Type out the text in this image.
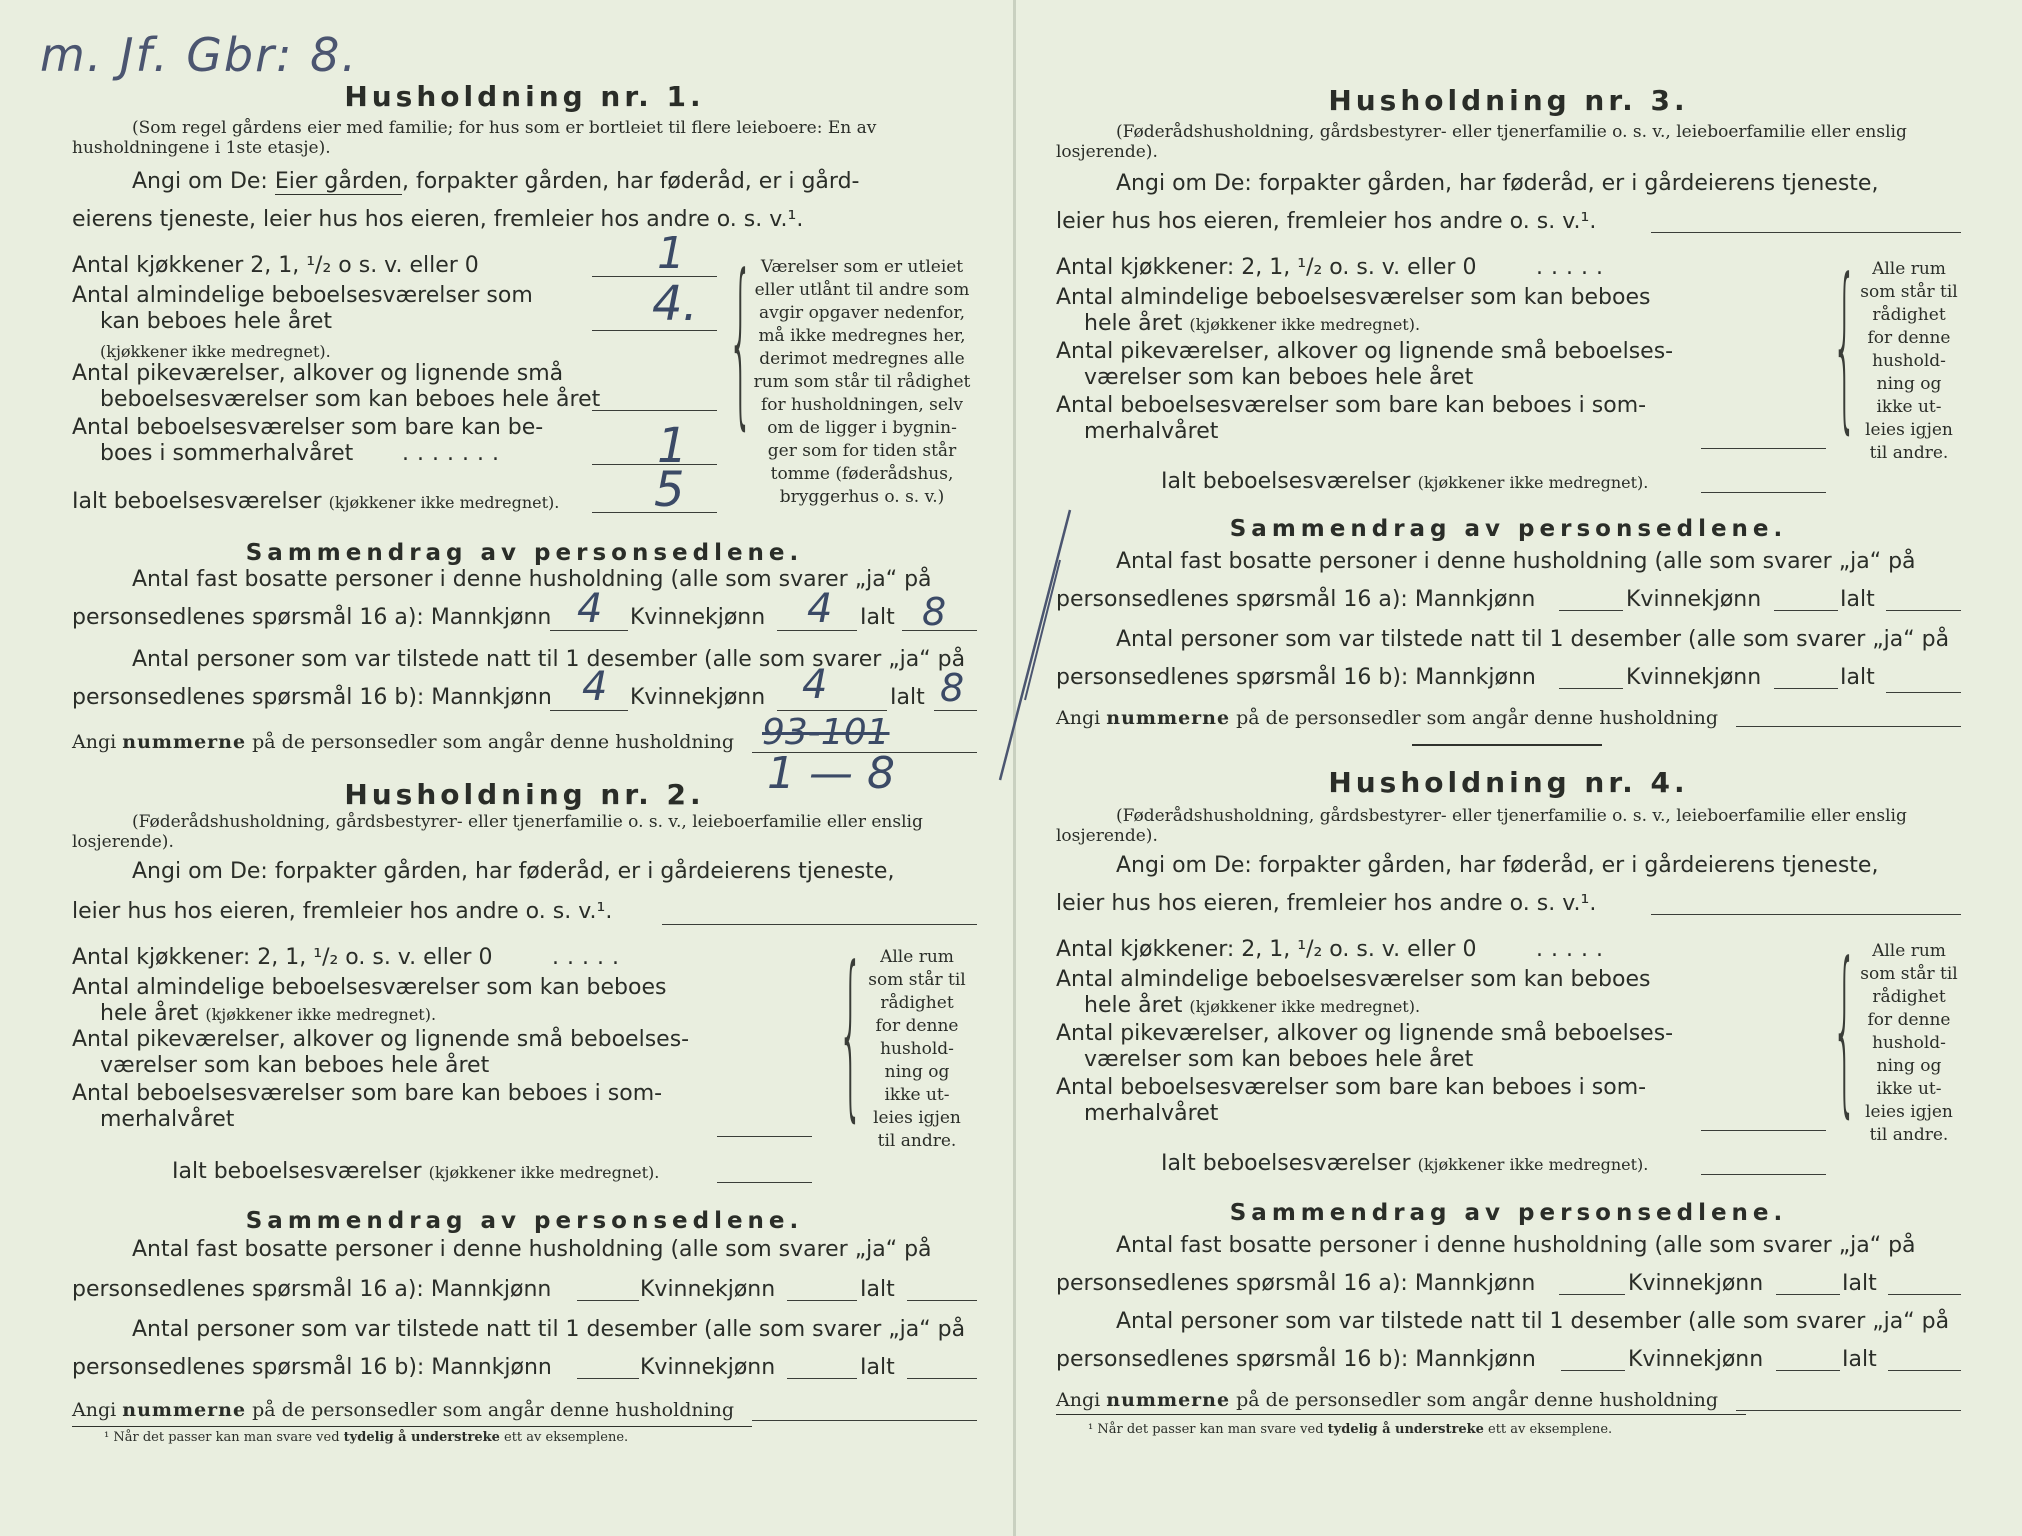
m. Jf. Gbr: 8.
Husholdning nr. 1.
(Som regel gårdens eier med familie; for hus som er bortleiet til flere leieboere: En av husholdningene i 1ste etasje).
Angi om De: Eier gården, forpakter gården, har føderåd, er i gård-
eierens tjeneste, leier hus hos eieren, fremleier hos andre o. s. v.¹.
Antal kjøkkener 2, 1, ¹/₂ o s. v. eller 0	1
Antal almindelige beboelsesværelser som
kan beboes hele året
(kjøkkener ikke medregnet).
4.
Antal pikeværelser, alkover og lignende små
beboelsesværelser som kan beboes hele året
Antal beboelsesværelser som bare kan be-
boes i sommerhalvåret .......	1
Ialt beboelsesværelser (kjøkkener ikke medregnet). 5
{ Værelser som er utleiet
eller utlånt til andre som
avgir opgaver nedenfor,
må ikke medregnes her,
derimot medregnes alle
rum som står til rådighet
for husholdningen, selv
om de ligger i bygnin-
ger som for tiden står
tomme (føderådshus,
bryggerhus o. s. v.)
Sammendrag av personsedlene.
Antal fast bosatte personer i denne husholdning (alle som svarer „ja“ på
personsedlenes spørsmål 16 a): Mannkjønn	Kvinnekjønn	Ialt
4	4 8
Antal personer som var tilstede natt til 1 desember (alle som svarer „ja“ på
personsedlenes spørsmål 16 b): Mannkjønn	Kvinnekjønn	Ialt
4	4	8
Angi nummerne på de personsedler som angår denne husholdning 93-101
1 — 8
Husholdning nr. 2.
(Føderådshusholdning, gårdsbestyrer- eller tjenerfamilie o. s. v., leieboerfamilie eller enslig losjerende).
Angi om De: forpakter gården, har føderåd, er i gårdeierens tjeneste,
leier hus hos eieren, fremleier hos andre o. s. v.¹.
Antal kjøkkener: 2, 1, ¹/₂ o. s. v. eller 0	.....
Antal almindelige beboelsesværelser som kan beboes
hele året (kjøkkener ikke medregnet).
Antal pikeværelser, alkover og lignende små beboelses-
værelser som kan beboes hele året
Antal beboelsesværelser som bare kan beboes i som-
merhalvåret
Ialt beboelsesværelser (kjøkkener ikke medregnet).
{ Alle rum
som står til
rådighet
for denne
hushold-
ning og
ikke ut-
leies igjen
til andre.
Sammendrag av personsedlene.
Antal fast bosatte personer i denne husholdning (alle som svarer „ja“ på
personsedlenes spørsmål 16 a): Mannkjønn	Kvinnekjønn	Ialt
Antal personer som var tilstede natt til 1 desember (alle som svarer „ja“ på
personsedlenes spørsmål 16 b): Mannkjønn	Kvinnekjønn	Ialt
Angi nummerne på de personsedler som angår denne husholdning
¹ Når det passer kan man svare ved tydelig å understreke ett av eksemplene.
Husholdning nr. 3.
(Føderådshusholdning, gårdsbestyrer- eller tjenerfamilie o. s. v., leieboerfamilie eller enslig losjerende).
Angi om De: forpakter gården, har føderåd, er i gårdeierens tjeneste,
leier hus hos eieren, fremleier hos andre o. s. v.¹.
Antal kjøkkener: 2, 1, ¹/₂ o. s. v. eller 0	.....
Antal almindelige beboelsesværelser som kan beboes
hele året (kjøkkener ikke medregnet).
Antal pikeværelser, alkover og lignende små beboelses-
værelser som kan beboes hele året
Antal beboelsesværelser som bare kan beboes i som-
merhalvåret
Ialt beboelsesværelser (kjøkkener ikke medregnet).
{ Alle rum
som står til
rådighet
for denne
hushold-
ning og
ikke ut-
leies igjen
til andre.
Sammendrag av personsedlene.
Antal fast bosatte personer i denne husholdning (alle som svarer „ja“ på
personsedlenes spørsmål 16 a): Mannkjønn	Kvinnekjønn	Ialt
Antal personer som var tilstede natt til 1 desember (alle som svarer „ja“ på
personsedlenes spørsmål 16 b): Mannkjønn	Kvinnekjønn	Ialt
Angi nummerne på de personsedler som angår denne husholdning
Husholdning nr. 4.
(Føderådshusholdning, gårdsbestyrer- eller tjenerfamilie o. s. v., leieboerfamilie eller enslig losjerende).
Angi om De: forpakter gården, har føderåd, er i gårdeierens tjeneste,
leier hus hos eieren, fremleier hos andre o. s. v.¹.
Antal kjøkkener: 2, 1, ¹/₂ o. s. v. eller 0	.....
Antal almindelige beboelsesværelser som kan beboes
hele året (kjøkkener ikke medregnet).
Antal pikeværelser, alkover og lignende små beboelses-
værelser som kan beboes hele året
Antal beboelsesværelser som bare kan beboes i som-
merhalvåret
Ialt beboelsesværelser (kjøkkener ikke medregnet).
{ Alle rum
som står til
rådighet
for denne
hushold-
ning og
ikke ut-
leies igjen
til andre.
Sammendrag av personsedlene.
Antal fast bosatte personer i denne husholdning (alle som svarer „ja“ på
personsedlenes spørsmål 16 a): Mannkjønn	Kvinnekjønn	Ialt
Antal personer som var tilstede natt til 1 desember (alle som svarer „ja“ på
personsedlenes spørsmål 16 b): Mannkjønn	Kvinnekjønn	Ialt
Angi nummerne på de personsedler som angår denne husholdning
¹ Når det passer kan man svare ved tydelig å understreke ett av eksemplene.
